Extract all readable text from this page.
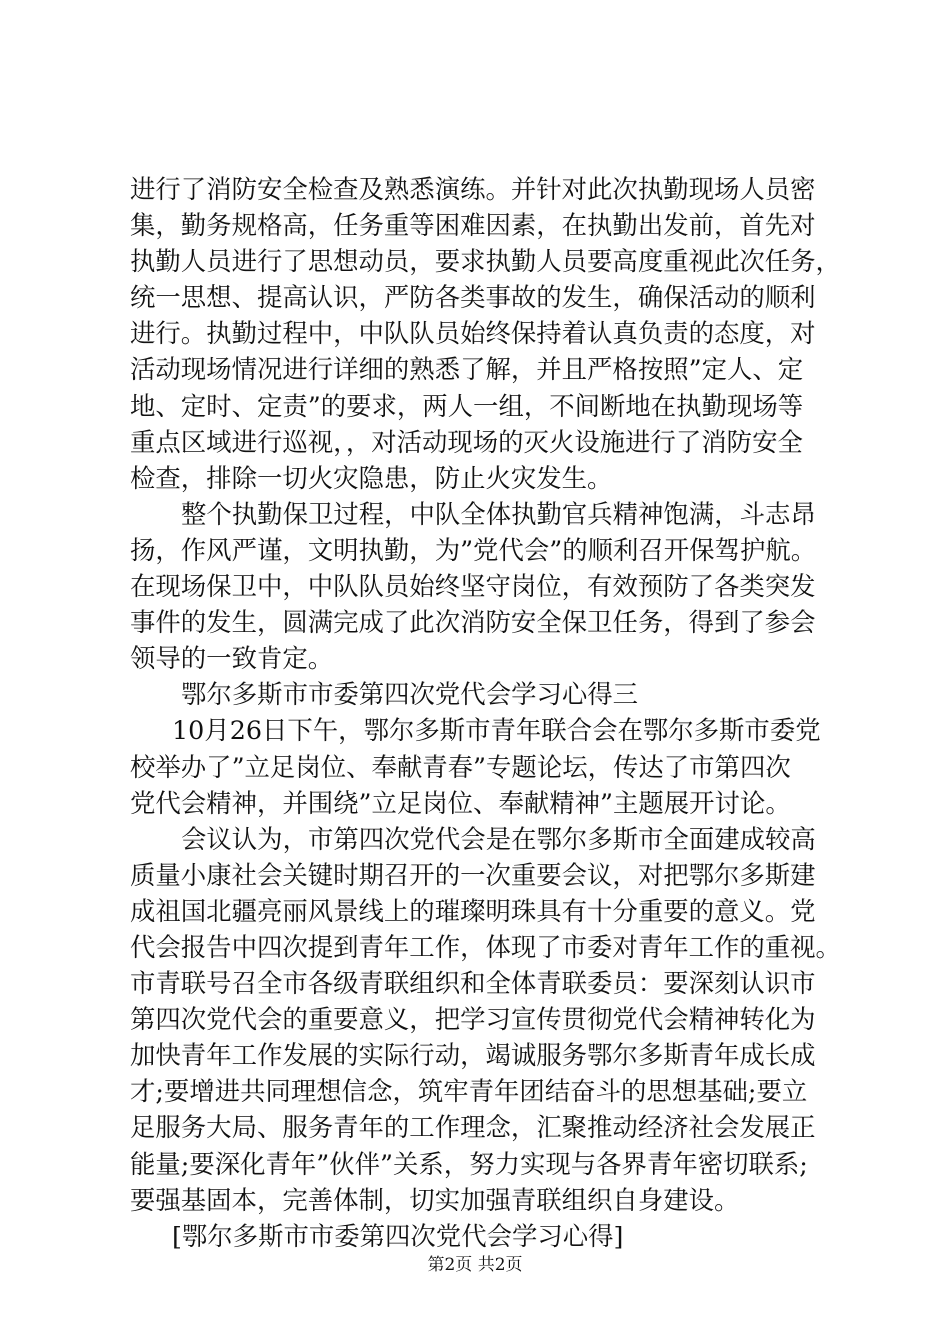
进行了消防安全检查及熟悉演练。并针对此次执勤现场人员密
集，勤务规格高，任务重等困难因素，在执勤出发前，首先对
执勤人员进行了思想动员，要求执勤人员要高度重视此次任务，
统一思想、提高认识，严防各类事故的发生，确保活动的顺利
进行。执勤过程中，中队队员始终保持着认真负责的态度，对
活动现场情况进行详细的熟悉了解，并且严格按照”定人、定
地、定时、定责”的要求，两人一组，不间断地在执勤现场等
重点区域进行巡视，，对活动现场的灭火设施进行了消防安全
检查，排除一切火灾隐患，防止火灾发生。
整个执勤保卫过程，中队全体执勤官兵精神饱满，斗志昂
扬，作风严谨，文明执勤，为”党代会”的顺利召开保驾护航。
在现场保卫中，中队队员始终坚守岗位，有效预防了各类突发
事件的发生，圆满完成了此次消防安全保卫任务，得到了参会
领导的一致肯定。
鄂尔多斯市市委第四次党代会学习心得三
10月26日下午，鄂尔多斯市青年联合会在鄂尔多斯市委党
校举办了”立足岗位、奉献青春”专题论坛，传达了市第四次
党代会精神，并围绕”立足岗位、奉献精神”主题展开讨论。
会议认为，市第四次党代会是在鄂尔多斯市全面建成较高
质量小康社会关键时期召开的一次重要会议，对把鄂尔多斯建
成祖国北疆亮丽风景线上的璀璨明珠具有十分重要的意义。党
代会报告中四次提到青年工作，体现了市委对青年工作的重视。
市青联号召全市各级青联组织和全体青联委员：要深刻认识市
第四次党代会的重要意义，把学习宣传贯彻党代会精神转化为
加快青年工作发展的实际行动，竭诚服务鄂尔多斯青年成长成
才;要增进共同理想信念，筑牢青年团结奋斗的思想基础;要立
足服务大局、服务青年的工作理念，汇聚推动经济社会发展正
能量;要深化青年”伙伴”关系，努力实现与各界青年密切联系;
要强基固本，完善体制，切实加强青联组织自身建设。
[鄂尔多斯市市委第四次党代会学习心得]
第2页 共2页
